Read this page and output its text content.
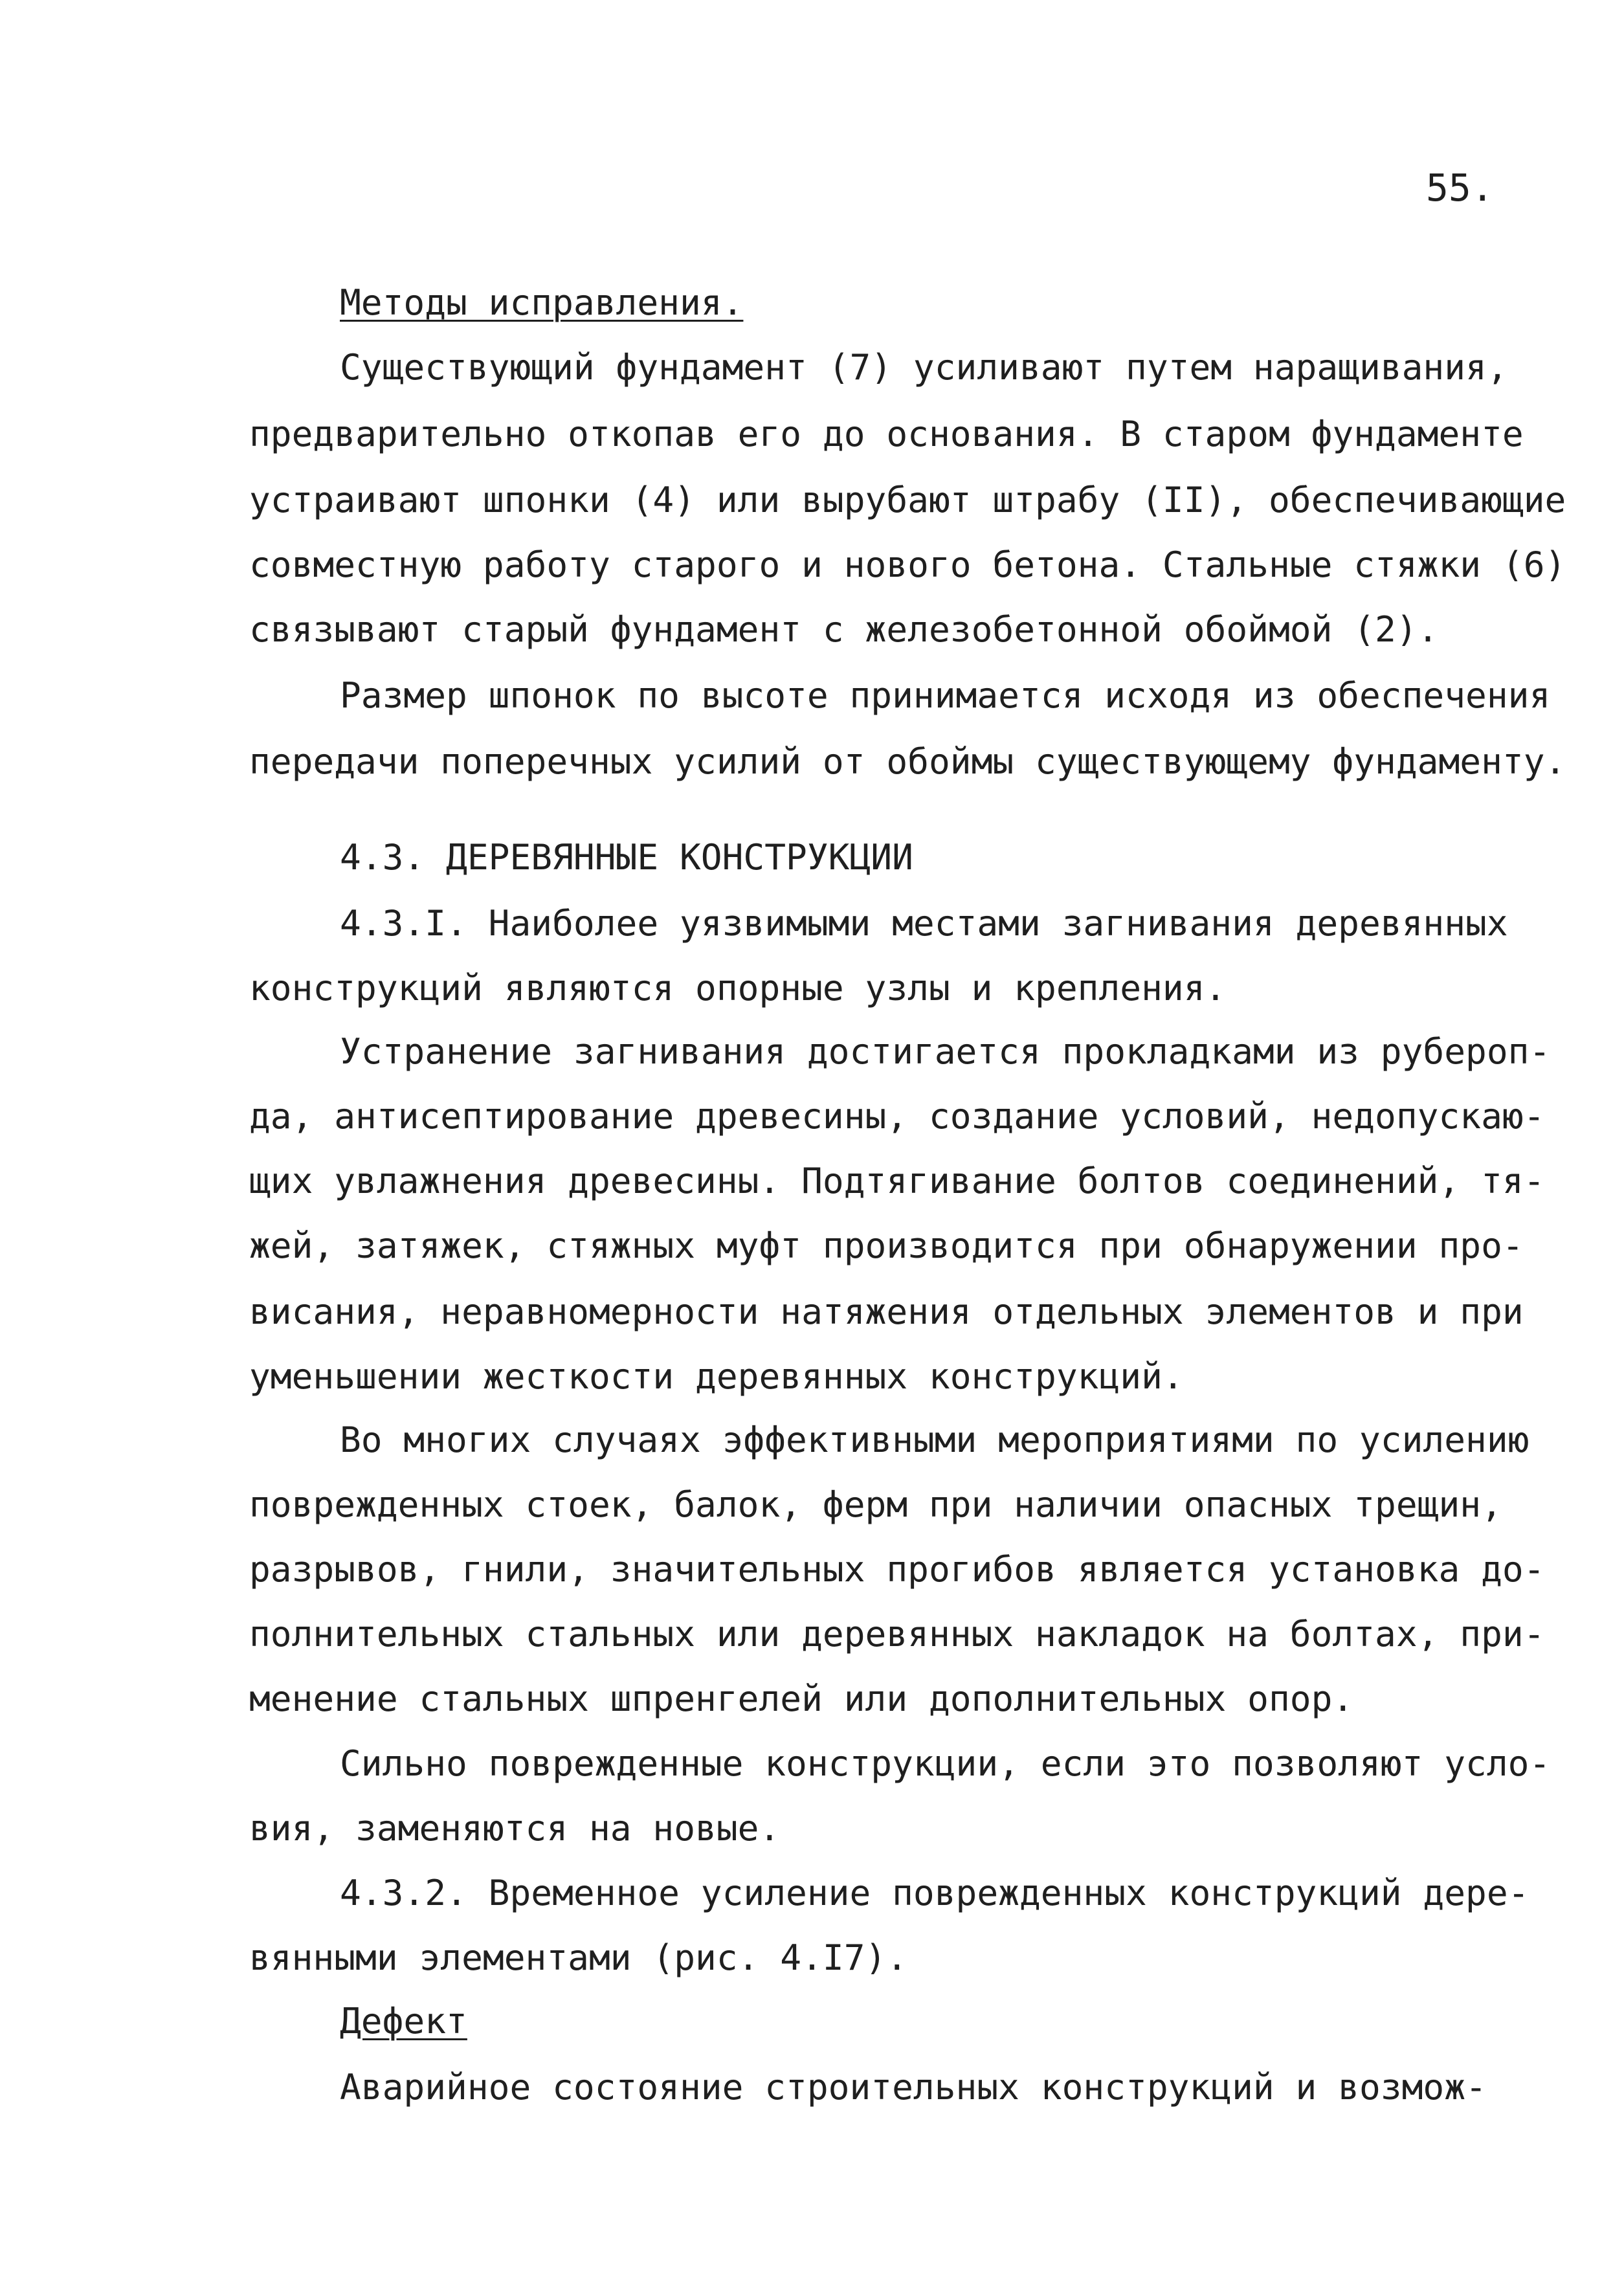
55.
Методы исправления.
Существующий фундамент (7) усиливают путем наращивания,
предварительно откопав его до основания. В старом фундаменте
устраивают шпонки (4) или вырубают штрабу (II), обеспечивающие
совместную работу старого и нового бетона. Стальные стяжки (6)
связывают старый фундамент с железобетонной обоймой (2).
Размер шпонок по высоте принимается исходя из обеспечения
передачи поперечных усилий от обоймы существующему фундаменту.
4.3. ДЕРЕВЯННЫЕ КОНСТРУКЦИИ
4.3.I. Наиболее уязвимыми местами загнивания деревянных
конструкций являются опорные узлы и крепления.
Устранение загнивания достигается прокладками из рубероп-
да, антисептирование древесины, создание условий, недопускаю-
щих увлажнения древесины. Подтягивание болтов соединений, тя-
жей, затяжек, стяжных муфт производится при обнаружении про-
висания, неравномерности натяжения отдельных элементов и при
уменьшении жесткости деревянных конструкций.
Во многих случаях эффективными мероприятиями по усилению
поврежденных стоек, балок, ферм при наличии опасных трещин,
разрывов, гнили, значительных прогибов является установка до-
полнительных стальных или деревянных накладок на болтах, при-
менение стальных шпренгелей или дополнительных опор.
Сильно поврежденные конструкции, если это позволяют усло-
вия, заменяются на новые.
4.3.2. Временное усиление поврежденных конструкций дере-
вянными элементами (рис. 4.I7).
Дефект
Аварийное состояние строительных конструкций и возмож-
